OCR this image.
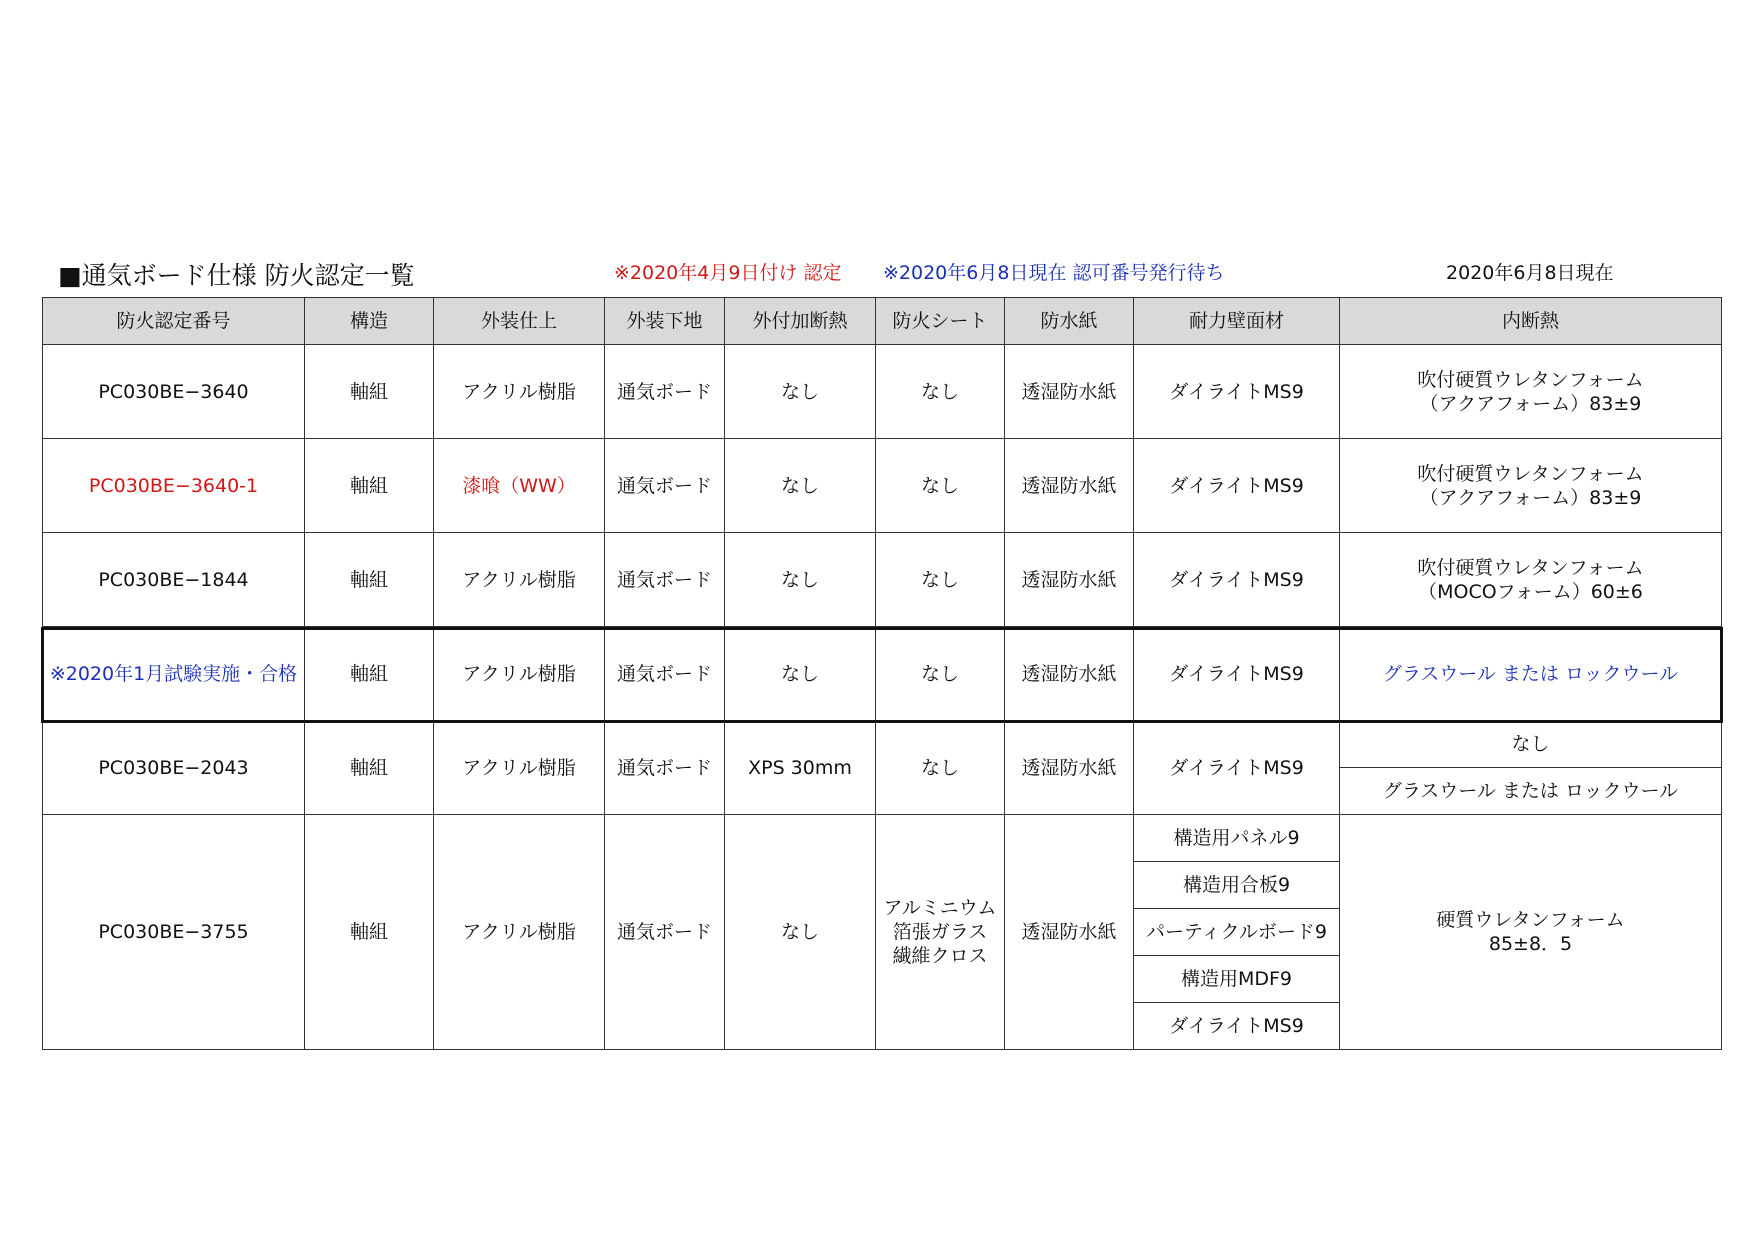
■通気ボード仕様 防火認定一覧	※2020年4月9日付け 認定 ※2020年6月8日現在 認可番号発行待ち	2020年6月8日現在
防火認定番号	構造	外装仕上	外装下地	外付加断熱	防火シート	防水紙	耐力壁面材	内断熱
PC030BE−3640	軸組	アクリル樹脂	通気ボード	なし	なし	透湿防水紙	ダイライトMS9	吹付硬質ウレタンフォーム
（アクアフォーム）83±9
PC030BE−3640-1	軸組	漆喰（WW）	通気ボード	なし	なし	透湿防水紙	ダイライトMS9	吹付硬質ウレタンフォーム
（アクアフォーム）83±9
PC030BE−1844	軸組	アクリル樹脂	通気ボード	なし	なし	透湿防水紙	ダイライトMS9	吹付硬質ウレタンフォーム
（MOCOフォーム）60±6
※2020年1月試験実施・合格	軸組	アクリル樹脂	通気ボード	なし	なし	透湿防水紙	ダイライトMS9	グラスウール または ロックウール
PC030BE−2043	軸組	アクリル樹脂	通気ボード	XPS 30mm	なし	透湿防水紙	ダイライトMS9	なし
								グラスウール または ロックウール
PC030BE−3755	軸組	アクリル樹脂	通気ボード	なし	アルミニウム
箔張ガラス
繊維クロス	透湿防水紙	構造用パネル9	硬質ウレタンフォーム
85±8．5
							構造用合板9	
							パーティクルボード9	
							構造用MDF9	
							ダイライトMS9	
